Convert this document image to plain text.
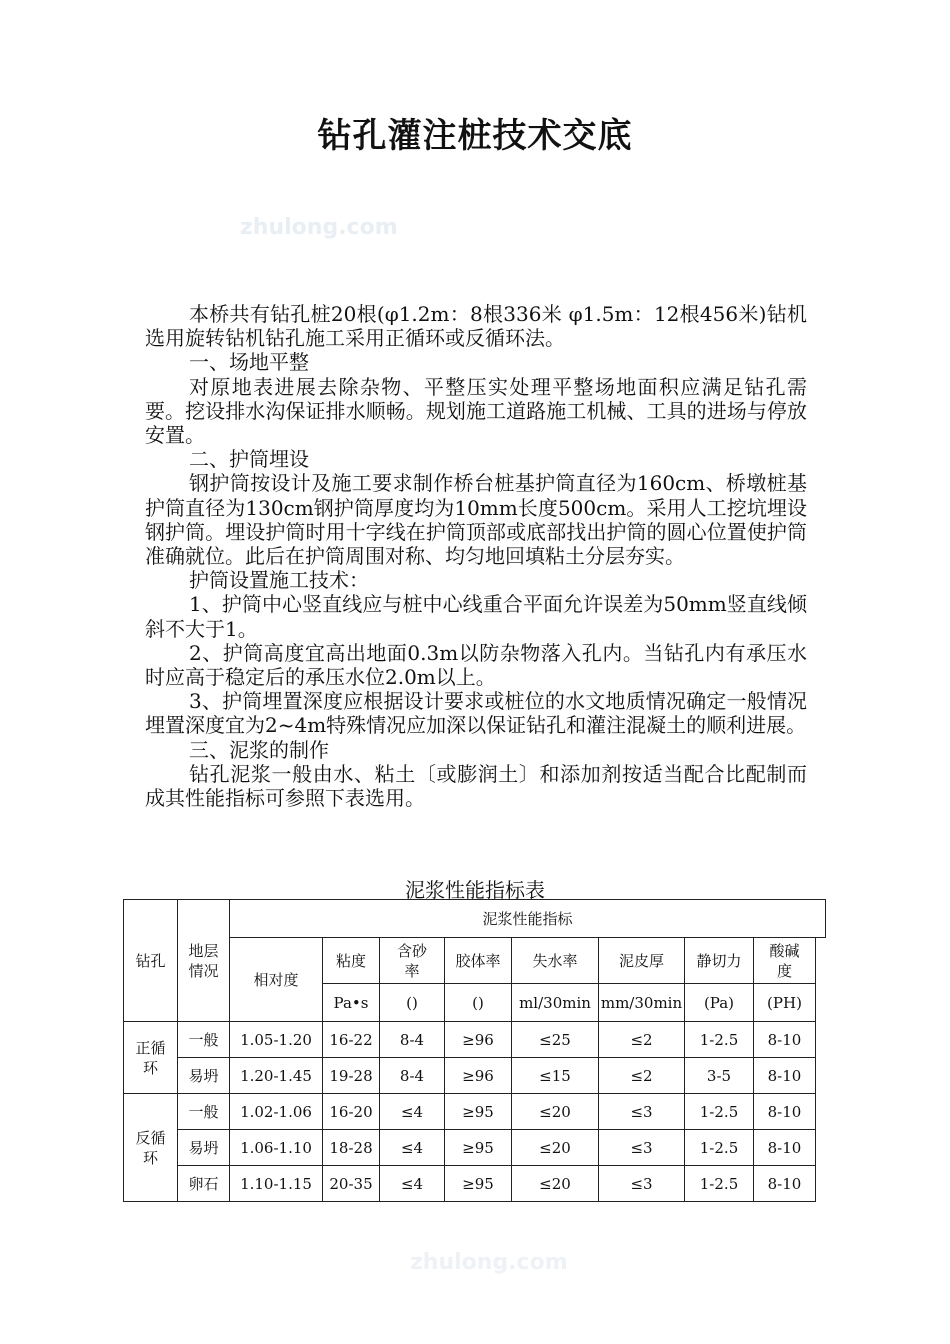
钻孔灌注桩技术交底
zhulong.com

本桥共有钻孔桩20根(φ1.2m：8根336米 φ1.5m：12根456米)钻机选用旋转钻机钻孔施工采用正循环或反循环法。

一、场地平整

对原地表进展去除杂物、平整压实处理平整场地面积应满足钻孔需要。挖设排水沟保证排水顺畅。规划施工道路施工机械、工具的进场与停放安置。

二、护筒埋设

钢护筒按设计及施工要求制作桥台桩基护筒直径为160cm、桥墩桩基护筒直径为130cm钢护筒厚度均为10mm长度500cm。采用人工挖坑埋设钢护筒。埋设护筒时用十字线在护筒顶部或底部找出护筒的圆心位置使护筒准确就位。此后在护筒周围对称、均匀地回填粘土分层夯实。

护筒设置施工技术：

1、护筒中心竖直线应与桩中心线重合平面允许误差为50mm竖直线倾斜不大于1。

2、护筒高度宜高出地面0.3m以防杂物落入孔内。当钻孔内有承压水时应高于稳定后的承压水位2.0m以上。

3、护筒埋置深度应根据设计要求或桩位的水文地质情况确定一般情况埋置深度宜为2~4m特殊情况应加深以保证钻孔和灌注混凝土的顺利进展。

三、泥浆的制作

钻孔泥浆一般由水、粘土〔或膨润土〕和添加剂按适当配合比配制而成其性能指标可参照下表选用。

泥浆性能指标表
钻孔	地层情况	泥浆性能指标								
		相对度	粘度	含砂率	胶体率	失水率	泥皮厚	静切力	酸碱度	
			Pa•s	()	()	ml/30min	mm/30min	(Pa)	(PH)	
正循环	一般	1.05-1.20	16-22	8-4	≥96	≤25	≤2	1-2.5	8-10	
	易坍	1.20-1.45	19-28	8-4	≥96	≤15	≤2	3-5	8-10	
反循环	一般	1.02-1.06	16-20	≤4	≥95	≤20	≤3	1-2.5	8-10	
	易坍	1.06-1.10	18-28	≤4	≥95	≤20	≤3	1-2.5	8-10	
	卵石	1.10-1.15	20-35	≤4	≥95	≤20	≤3	1-2.5	8-10	
zhulong.com
